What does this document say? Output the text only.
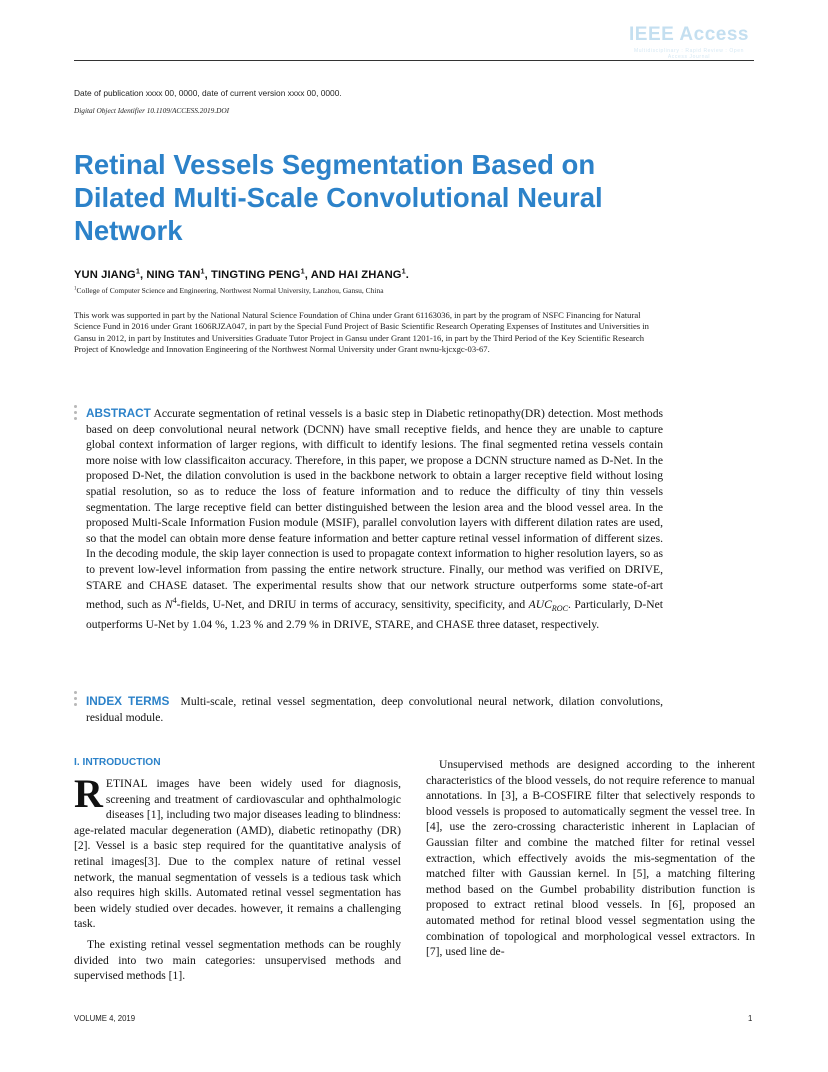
IEEE Access
Multidisciplinary : Rapid Review : Open Access Journal
Date of publication xxxx 00, 0000, date of current version xxxx 00, 0000.
Digital Object Identifier 10.1109/ACCESS.2019.DOI
Retinal Vessels Segmentation Based on Dilated Multi-Scale Convolutional Neural Network
YUN JIANG$^1$, NING TAN$^1$, TINGTING PENG$^1$, AND HAI ZHANG$^1$.
$^1$College of Computer Science and Engineering, Northwest Normal University, Lanzhou, Gansu, China
This work was supported in part by the National Natural Science Foundation of China under Grant 61163036, in part by the program of NSFC Financing for Natural Science Fund in 2016 under Grant 1606RJZA047, in part by the Special Fund Project of Basic Scientific Research Operating Expenses of Institutes and Universities in Gansu in 2012, in part by Institutes and Universities Graduate Tutor Project in Gansu under Grant 1201-16, in part by the Third Period of the Key Scientific Research Project of Knowledge and Innovation Engineering of the Northwest Normal University under Grant nwnu-kjcxgc-03-67.
ABSTRACT Accurate segmentation of retinal vessels is a basic step in Diabetic retinopathy(DR) detection. Most methods based on deep convolutional neural network (DCNN) have small receptive fields, and hence they are unable to capture global context information of larger regions, with difficult to identify lesions. The final segmented retina vessels contain more noise with low classificaiton accuracy. Therefore, in this paper, we propose a DCNN structure named as D-Net. In the proposed D-Net, the dilation convolution is used in the backbone network to obtain a larger receptive field without losing spatial resolution, so as to reduce the loss of feature information and to reduce the difficulty of tiny thin vessels segmentation. The large receptive field can better distinguished between the lesion area and the blood vessel area. In the proposed Multi-Scale Information Fusion module (MSIF), parallel convolution layers with different dilation rates are used, so that the model can obtain more dense feature information and better capture retinal vessel information of different sizes. In the decoding module, the skip layer connection is used to propagate context information to higher resolution layers, so as to prevent low-level information from passing the entire network structure. Finally, our method was verified on DRIVE, STARE and CHASE dataset. The experimental results show that our network structure outperforms some state-of-art method, such as $N^4$-fields, U-Net, and DRIU in terms of accuracy, sensitivity, specificity, and $AUC_{ROC}$. Particularly, D-Net outperforms U-Net by 1.04 %, 1.23 % and 2.79 % in DRIVE, STARE, and CHASE three dataset, respectively.
INDEX TERMS Multi-scale, retinal vessel segmentation, deep convolutional neural network, dilation convolutions, residual module.
I. INTRODUCTION

RETINAL images have been widely used for diagnosis, screening and treatment of cardiovascular and ophthalmologic diseases [1], including two major diseases leading to blindness: age-related macular degeneration (AMD), diabetic retinopathy (DR) [2]. Vessel is a basic step required for the quantitative analysis of retinal images[3]. Due to the complex nature of retinal vessel network, the manual segmentation of vessels is a tedious task which also requires high skills. Automated retinal vessel segmentation has been widely studied over decades. however, it remains a challenging task.

The existing retinal vessel segmentation methods can be roughly divided into two main categories: unsupervised methods and supervised methods [1].

Unsupervised methods are designed according to the inherent characteristics of the blood vessels, do not require reference to manual annotations. In [3], a B-COSFIRE filter that selectively responds to blood vessels is proposed to automatically segment the vessel tree. In [4], use the zero-crossing characteristic inherent in Laplacian of Gaussian filter and combine the matched filter for retinal vessel extraction, which effectively avoids the mis-segmentation of the matched filter with Gaussian kernel. In [5], a matching filtering method based on the Gumbel probability distribution function is proposed to extract retinal blood vessels. In [6], proposed an automated method for retinal blood vessel segmentation using the combination of topological and morphological vessel extractors. In [7], used line de-

VOLUME 4, 2019	1
